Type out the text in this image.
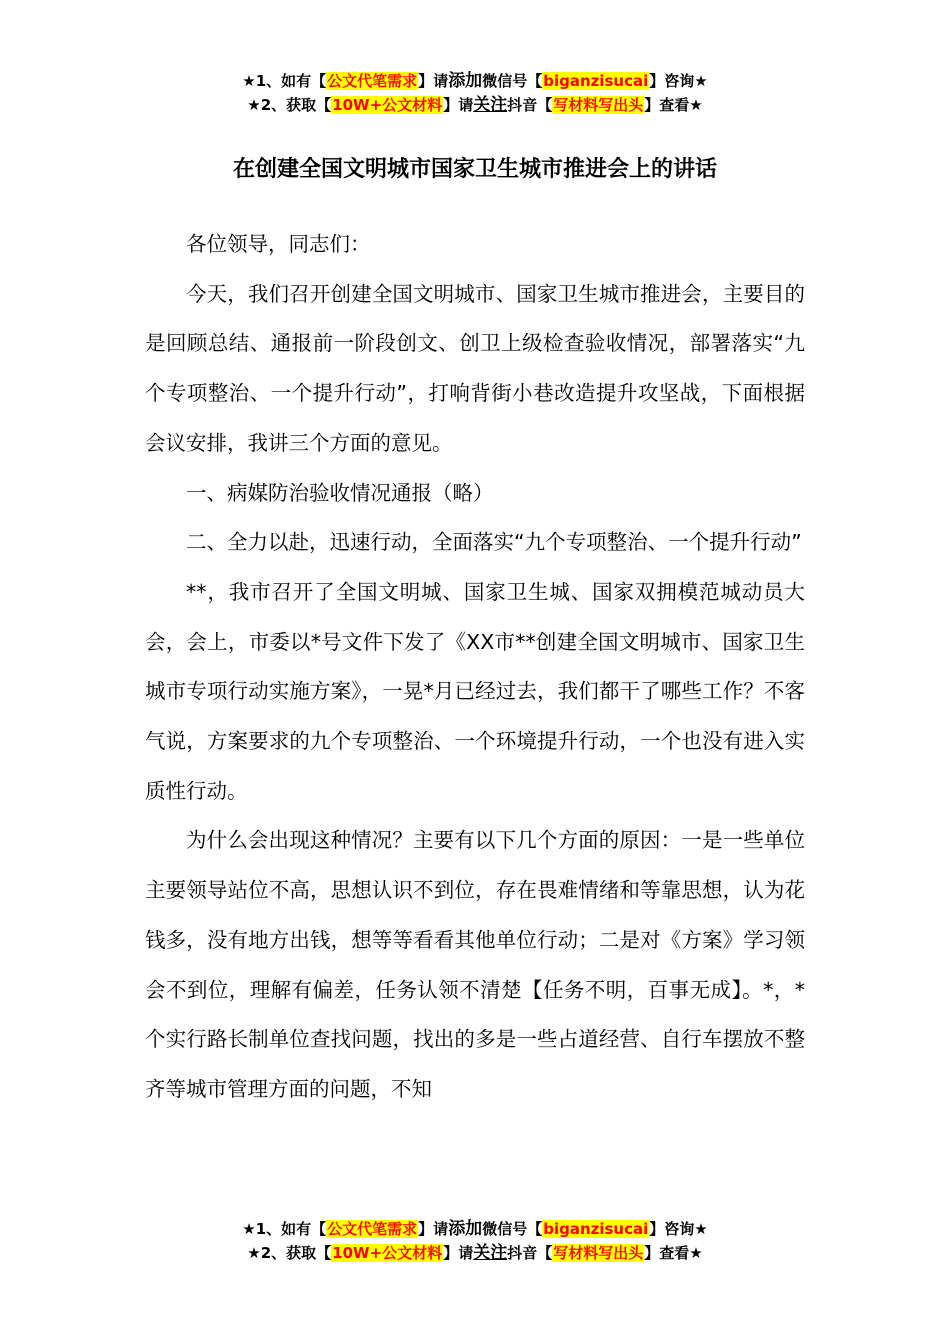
★1、如有【公文代笔需求】请添加微信号【biganzisucai】咨询★
★2、获取【10W+公文材料】请关注抖音【写材料写出头】查看★
在创建全国文明城市国家卫生城市推进会上的讲话

各位领导，同志们：

今天，我们召开创建全国文明城市、国家卫生城市推进会，主要目的是回顾总结、通报前一阶段创文、创卫上级检查验收情况，部署落实“九个专项整治、一个提升行动”，打响背街小巷改造提升攻坚战，下面根据会议安排，我讲三个方面的意见。

一、病媒防治验收情况通报（略）

二、全力以赴，迅速行动，全面落实“九个专项整治、一个提升行动”

**，我市召开了全国文明城、国家卫生城、国家双拥模范城动员大会，会上，市委以*号文件下发了《XX市**创建全国文明城市、国家卫生城市专项行动实施方案》，一晃*月已经过去，我们都干了哪些工作？不客气说，方案要求的九个专项整治、一个环境提升行动，一个也没有进入实质性行动。

为什么会出现这种情况？主要有以下几个方面的原因：一是一些单位主要领导站位不高，思想认识不到位，存在畏难情绪和等靠思想，认为花钱多，没有地方出钱，想等等看看其他单位行动；二是对《方案》学习领会不到位，理解有偏差，任务认领不清楚【任务不明，百事无成】。*，*个实行路长制单位查找问题，找出的多是一些占道经营、自行车摆放不整齐等城市管理方面的问题，不知

★1、如有【公文代笔需求】请添加微信号【biganzisucai】咨询★
★2、获取【10W+公文材料】请关注抖音【写材料写出头】查看★
